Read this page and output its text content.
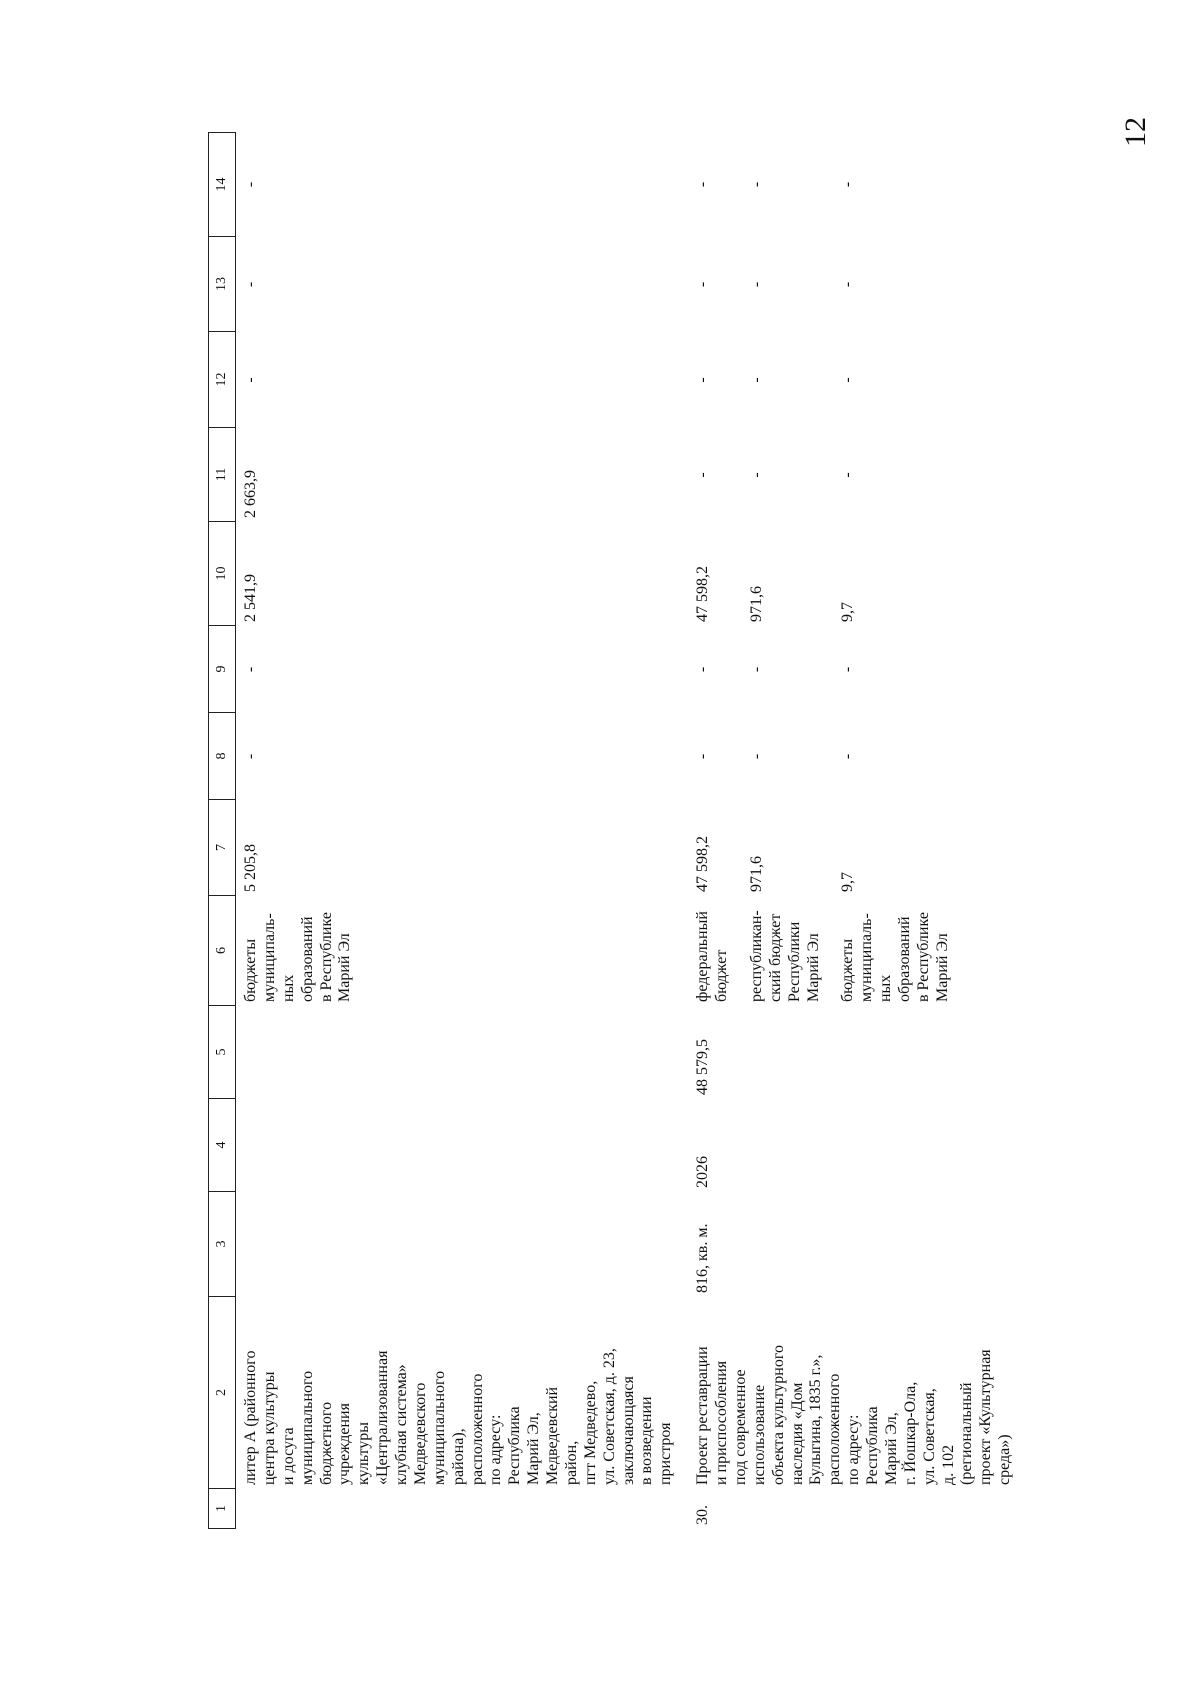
12
1
2
3
4
5
6
7
8
9
10
11
12
13
14
литер А (районного центра культуры и досуга муниципального бюджетного учреждения культуры «Централизованная клубная система» Медведевского муниципального района), расположенного по адресу: Республика Марий Эл, Медведевский район, пгт Медведево, ул. Советская, д. 23, заключающаяся в возведении пристроя
бюджеты муниципаль- ных образований в Республике Марий Эл
5 205,8
-
-
2 541,9
2 663,9
-
-
-
30.
Проект реставрации и приспособления под современное использование объекта культурного наследия «Дом Булыгина, 1835 г.», расположенного по адресу: Республика Марий Эл, г. Йошкар-Ола, ул. Советская, д. 102 (региональный проект «Культурная среда»)
816, кв. м.
2026
48 579,5
федеральный бюджет
47 598,2
-
-
47 598,2
-
-
-
-
республикан- ский бюджет Республики Марий Эл
971,6
-
-
971,6
-
-
-
-
бюджеты муниципаль- ных образований в Республике Марий Эл
9,7
-
-
9,7
-
-
-
-
